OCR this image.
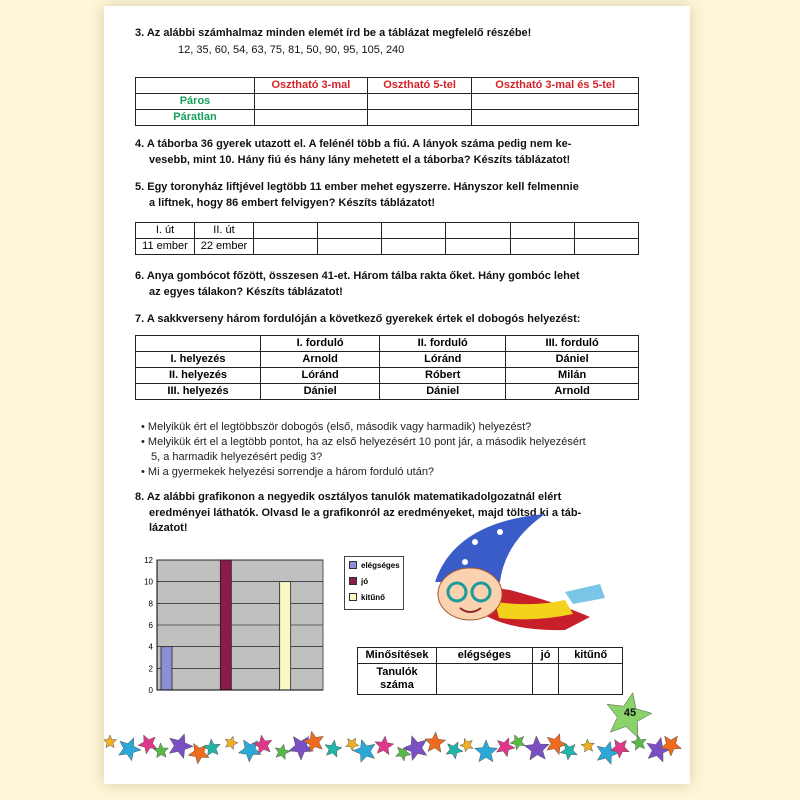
3. Az alábbi számhalmaz minden elemét írd be a táblázat megfelelő részébe!
12, 35, 60, 54, 63, 75, 81, 50, 90, 95, 105, 240
	Osztható 3-mal	Osztható 5-tel	Osztható 3-mal és 5-tel
Páros			
Páratlan			
4. A táborba 36 gyerek utazott el. A felénél több a fiú. A lányok száma pedig nem ke-
vesebb, mint 10. Hány fiú és hány lány mehetett el a táborba? Készíts táblázatot!
5. Egy toronyház liftjével legtöbb 11 ember mehet egyszerre. Hányszor kell felmennie
a liftnek, hogy 86 embert felvigyen? Készíts táblázatot!
I. út	II. út						
11 ember	22 ember						
6. Anya gombócot főzött, összesen 41-et. Három tálba rakta őket. Hány gombóc lehet
az egyes tálakon? Készíts táblázatot!
7. A sakkverseny három fordulóján a következő gyerekek értek el dobogós helyezést:
	I. forduló	II. forduló	III. forduló
I. helyezés	Arnold	Lóránd	Dániel
II. helyezés	Lóránd	Róbert	Milán
III. helyezés	Dániel	Dániel	Arnold
• Melyikük ért el legtöbbször dobogós (első, második vagy harmadik) helyezést?
• Melyikük ért el a legtöbb pontot, ha az első helyezésért 10 pont jár, a második helyezésért
5, a harmadik helyezésért pedig 3?
• Mi a gyermekek helyezési sorrendje a három forduló után?
8. Az alábbi grafikonon a negyedik osztályos tanulók matematikadolgozatnál elért
eredményei láthatók. Olvasd le a grafikonról az eredményeket, majd töltsd ki a táb-
lázatot!
0
2
4
6
8
10
12	elégséges
jó
kitűnő
Minősítések	elégséges	jó	kitűnő

Tanulók
száma			

45
